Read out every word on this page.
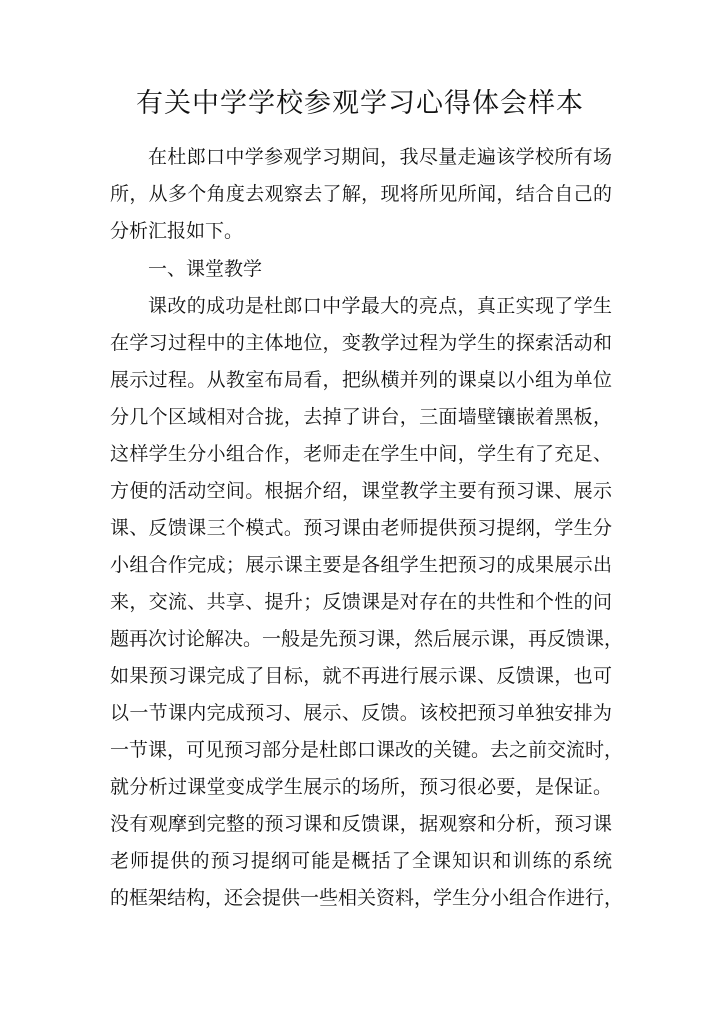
有关中学学校参观学习心得体会样本
在杜郎口中学参观学习期间，我尽量走遍该学校所有场
所，从多个角度去观察去了解，现将所见所闻，结合自己的
分析汇报如下。
一、课堂教学
课改的成功是杜郎口中学最大的亮点，真正实现了学生
在学习过程中的主体地位，变教学过程为学生的探索活动和
展示过程。从教室布局看，把纵横并列的课桌以小组为单位
分几个区域相对合拢，去掉了讲台，三面墙壁镶嵌着黑板，
这样学生分小组合作，老师走在学生中间，学生有了充足、
方便的活动空间。根据介绍，课堂教学主要有预习课、展示
课、反馈课三个模式。预习课由老师提供预习提纲，学生分
小组合作完成；展示课主要是各组学生把预习的成果展示出
来，交流、共享、提升；反馈课是对存在的共性和个性的问
题再次讨论解决。一般是先预习课，然后展示课，再反馈课，
如果预习课完成了目标，就不再进行展示课、反馈课，也可
以一节课内完成预习、展示、反馈。该校把预习单独安排为
一节课，可见预习部分是杜郎口课改的关键。去之前交流时，
就分析过课堂变成学生展示的场所，预习很必要，是保证。
没有观摩到完整的预习课和反馈课，据观察和分析，预习课
老师提供的预习提纲可能是概括了全课知识和训练的系统
的框架结构，还会提供一些相关资料，学生分小组合作进行，
